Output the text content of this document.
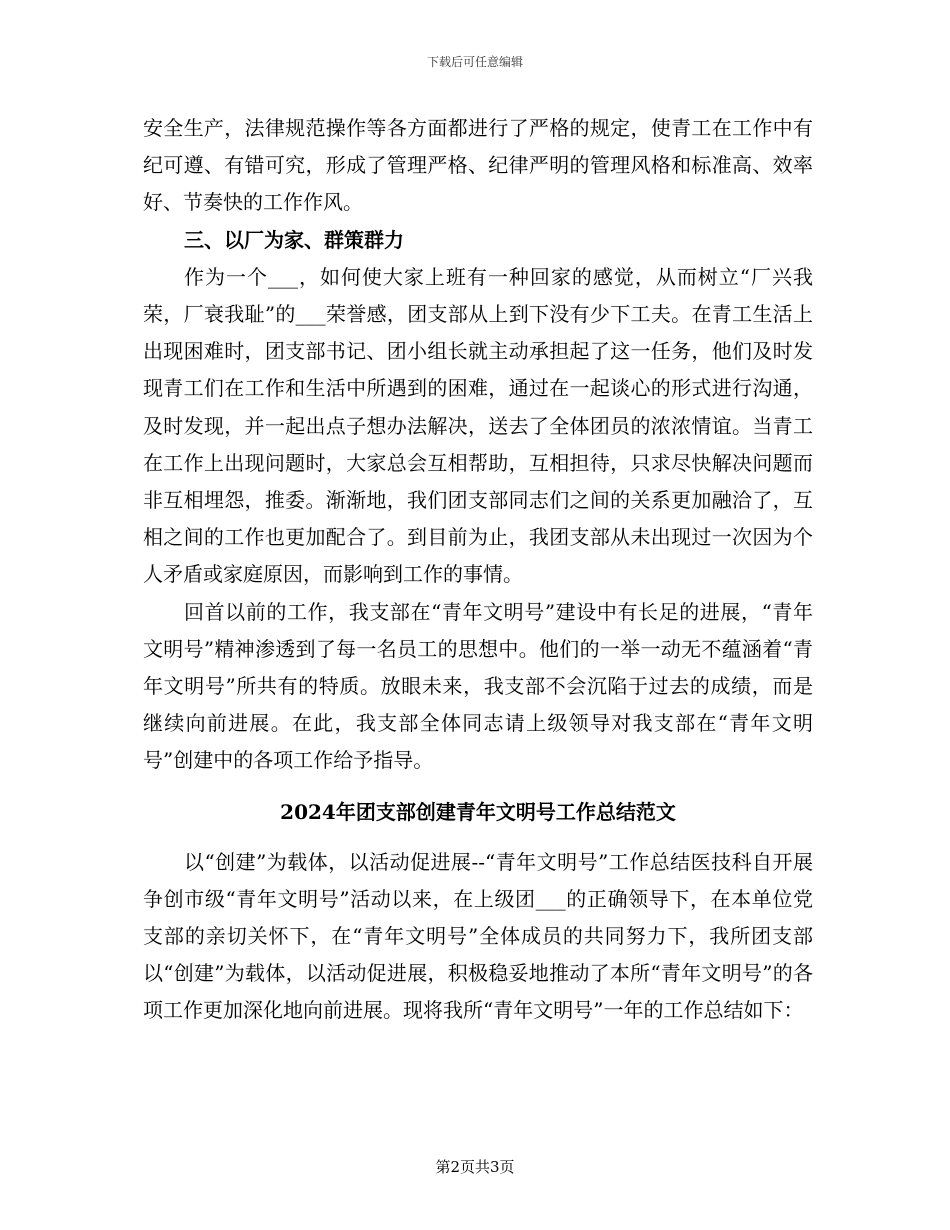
下载后可任意编辑

安全生产，法律规范操作等各方面都进行了严格的规定，使青工在工作中有纪可遵、有错可究，形成了管理严格、纪律严明的管理风格和标准高、效率好、节奏快的工作作风。

三、以厂为家、群策群力

作为一个___，如何使大家上班有一种回家的感觉，从而树立“厂兴我荣，厂衰我耻”的___荣誉感，团支部从上到下没有少下工夫。在青工生活上出现困难时，团支部书记、团小组长就主动承担起了这一任务，他们及时发现青工们在工作和生活中所遇到的困难，通过在一起谈心的形式进行沟通，及时发现，并一起出点子想办法解决，送去了全体团员的浓浓情谊。当青工在工作上出现问题时，大家总会互相帮助，互相担待，只求尽快解决问题而非互相埋怨，推委。渐渐地，我们团支部同志们之间的关系更加融洽了，互相之间的工作也更加配合了。到目前为止，我团支部从未出现过一次因为个人矛盾或家庭原因，而影响到工作的事情。

回首以前的工作，我支部在“青年文明号”建设中有长足的进展，“青年文明号”精神渗透到了每一名员工的思想中。他们的一举一动无不蕴涵着“青年文明号”所共有的特质。放眼未来，我支部不会沉陷于过去的成绩，而是继续向前进展。在此，我支部全体同志请上级领导对我支部在“青年文明号”创建中的各项工作给予指导。

2024年团支部创建青年文明号工作总结范文

以“创建”为载体，以活动促进展--“青年文明号”工作总结医技科自开展争创市级“青年文明号”活动以来，在上级团___的正确领导下，在本单位党支部的亲切关怀下，在“青年文明号”全体成员的共同努力下，我所团支部以“创建”为载体，以活动促进展，积极稳妥地推动了本所“青年文明号”的各项工作更加深化地向前进展。现将我所“青年文明号”一年的工作总结如下：

第2页共3页
